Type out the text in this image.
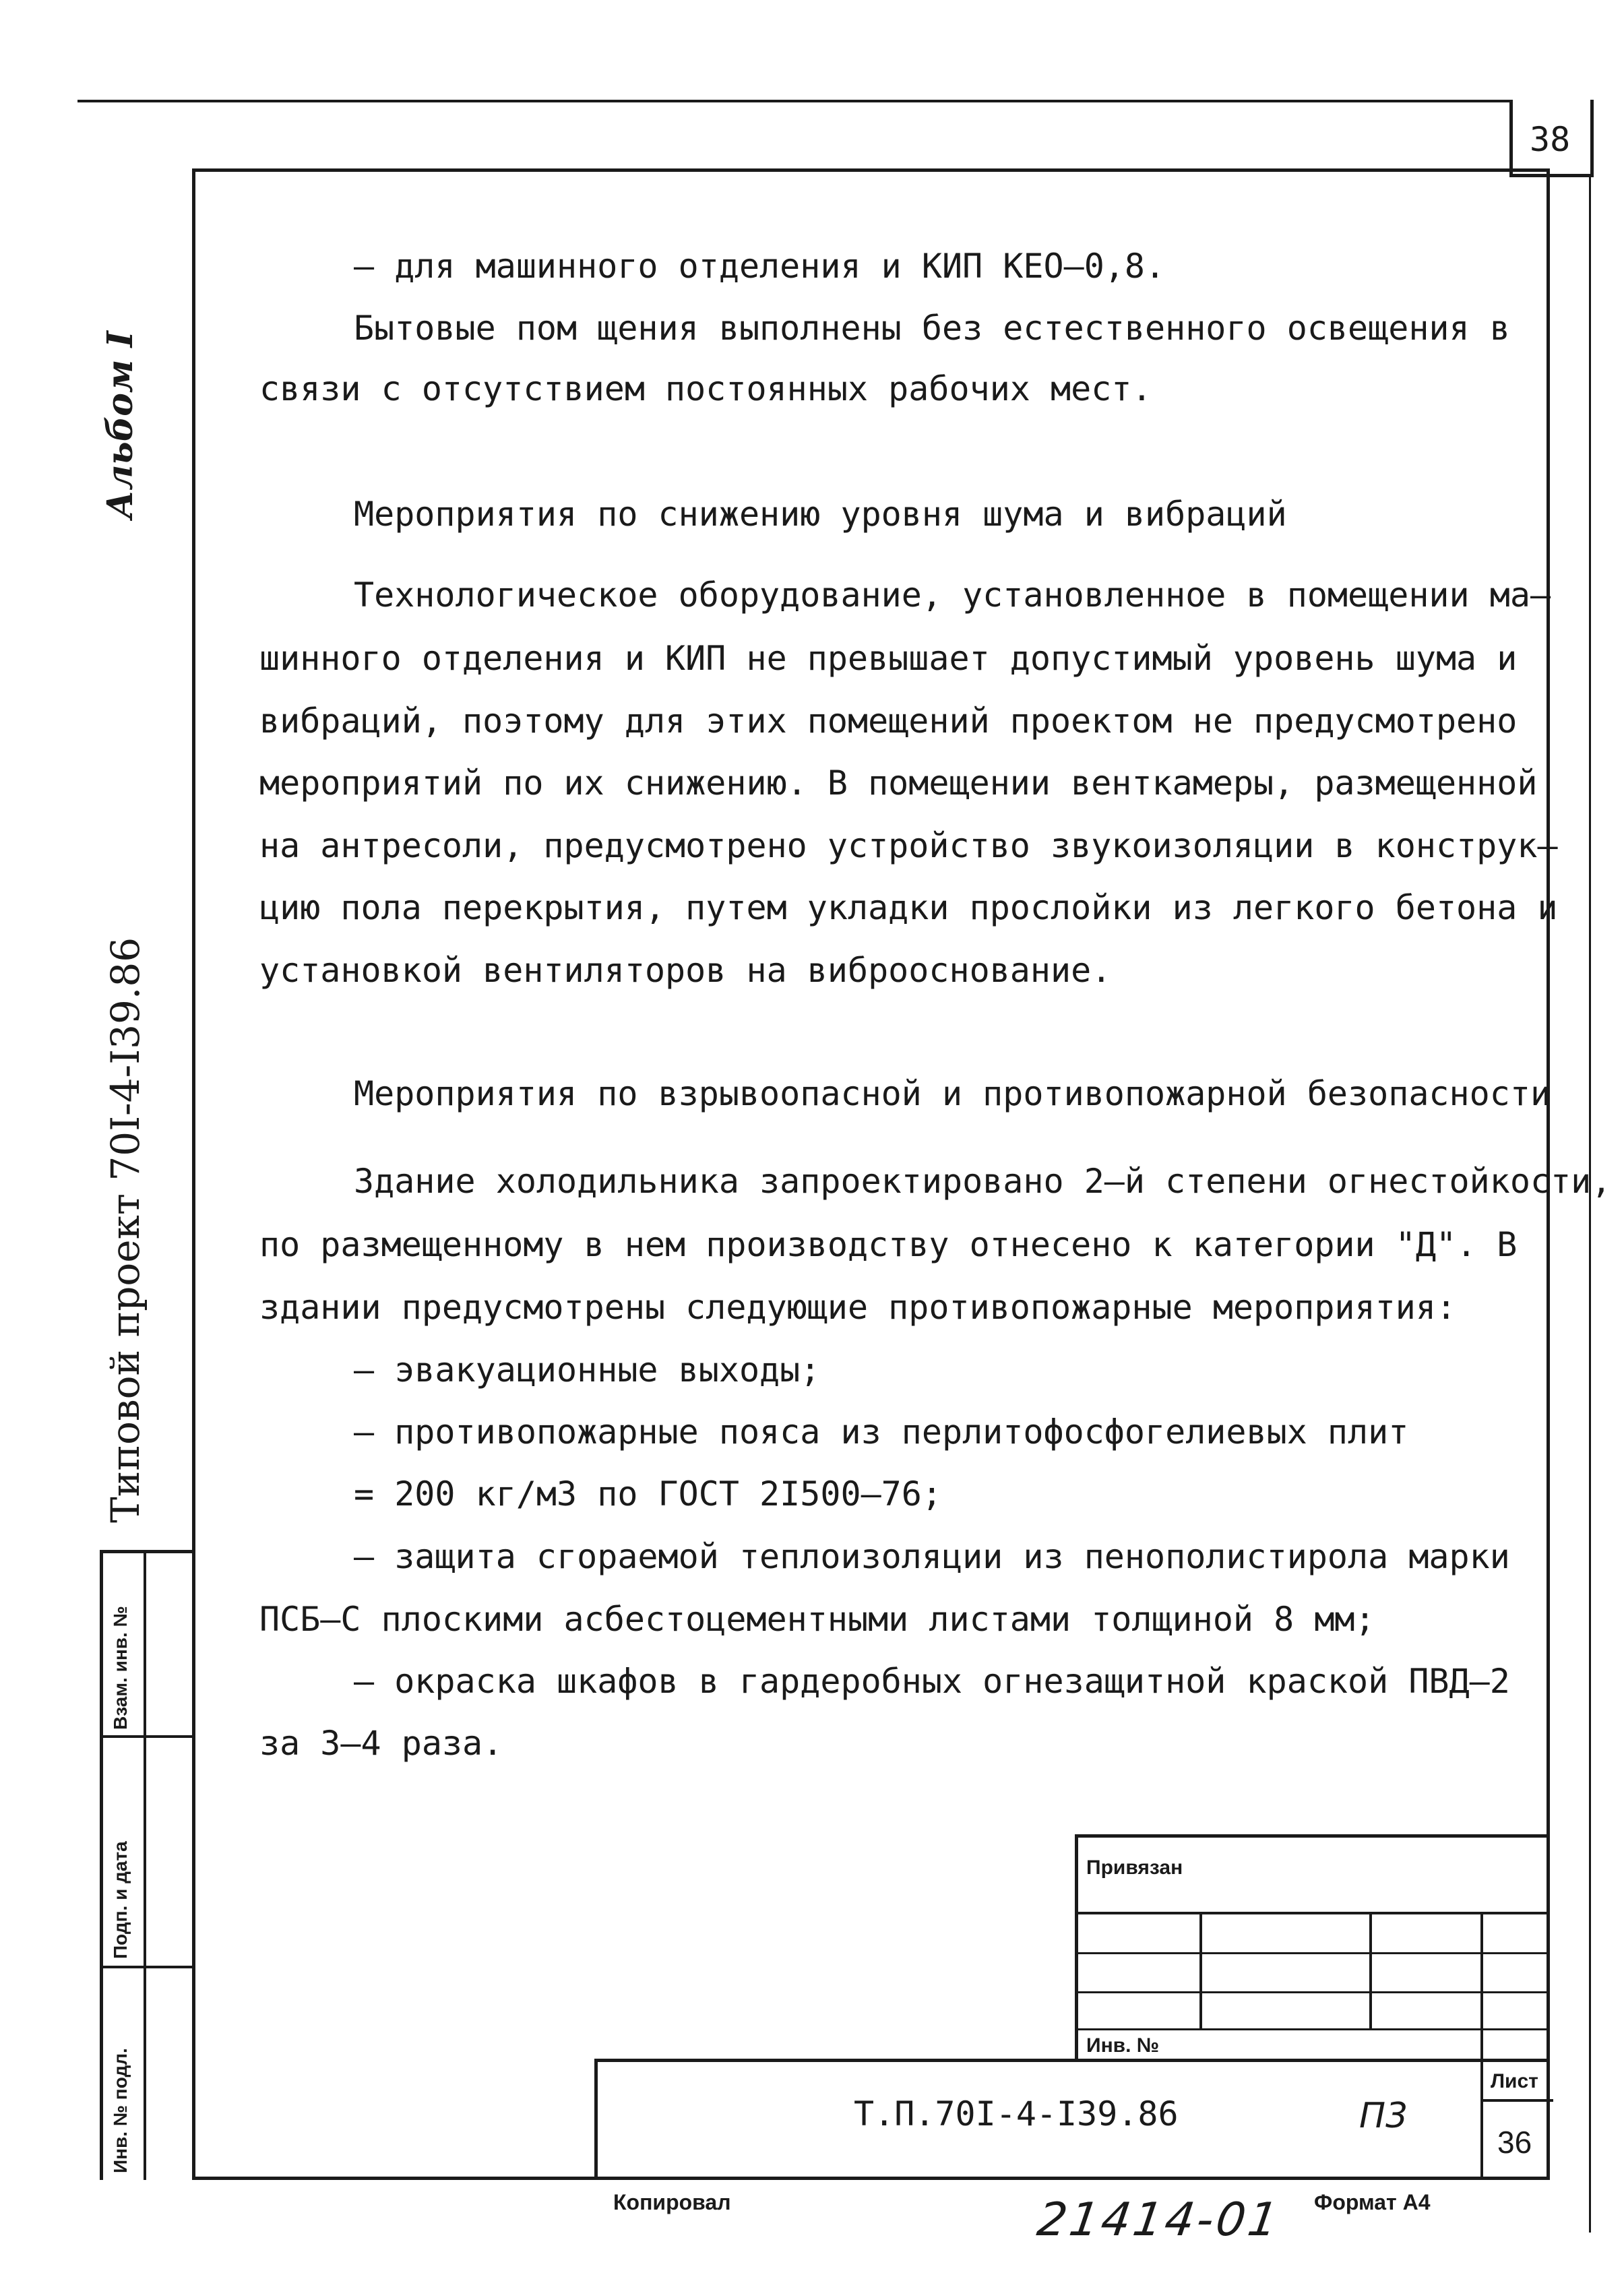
38
Альбом I
Типовой проект 70I-4-I39.86
Взам. инв. №
Подп. и дата
Инв. № подл.
– для машинного отделения и КИП КЕО–0,8.
Бытовые пом щения выполнены без естественного освещения в
связи с отсутствием постоянных рабочих мест.
Мероприятия по снижению уровня шума и вибраций
Технологическое оборудование, установленное в помещении ма–
шинного отделения и КИП не превышает допустимый уровень шума и
вибраций, поэтому для этих помещений проектом не предусмотрено
мероприятий по их снижению. В помещении венткамеры, размещенной
на антресоли, предусмотрено устройство звукоизоляции в конструк–
цию пола перекрытия, путем укладки прослойки из легкого бетона и
установкой вентиляторов на виброоснование.
Мероприятия по взрывоопасной и противопожарной безопасности
Здание холодильника запроектировано 2–й степени огнестойкости,
по размещенному в нем производству отнесено к категории "Д". В
здании предусмотрены следующие противопожарные мероприятия:
– эвакуационные выходы;
– противопожарные пояса из перлитофосфогелиевых плит
= 200 кг/м3 по ГОСТ 2I500–76;
– защита сгораемой теплоизоляции из пенополистирола марки
ПСБ–С плоскими асбестоцементными листами толщиной 8 мм;
– окраска шкафов в гардеробных огнезащитной краской ПВД–2
за 3–4 раза.
Привязан
Инв. №
Т.П.70I-4-I39.86	П3
Лист
36
Копировал	Формат А4
21414-01
